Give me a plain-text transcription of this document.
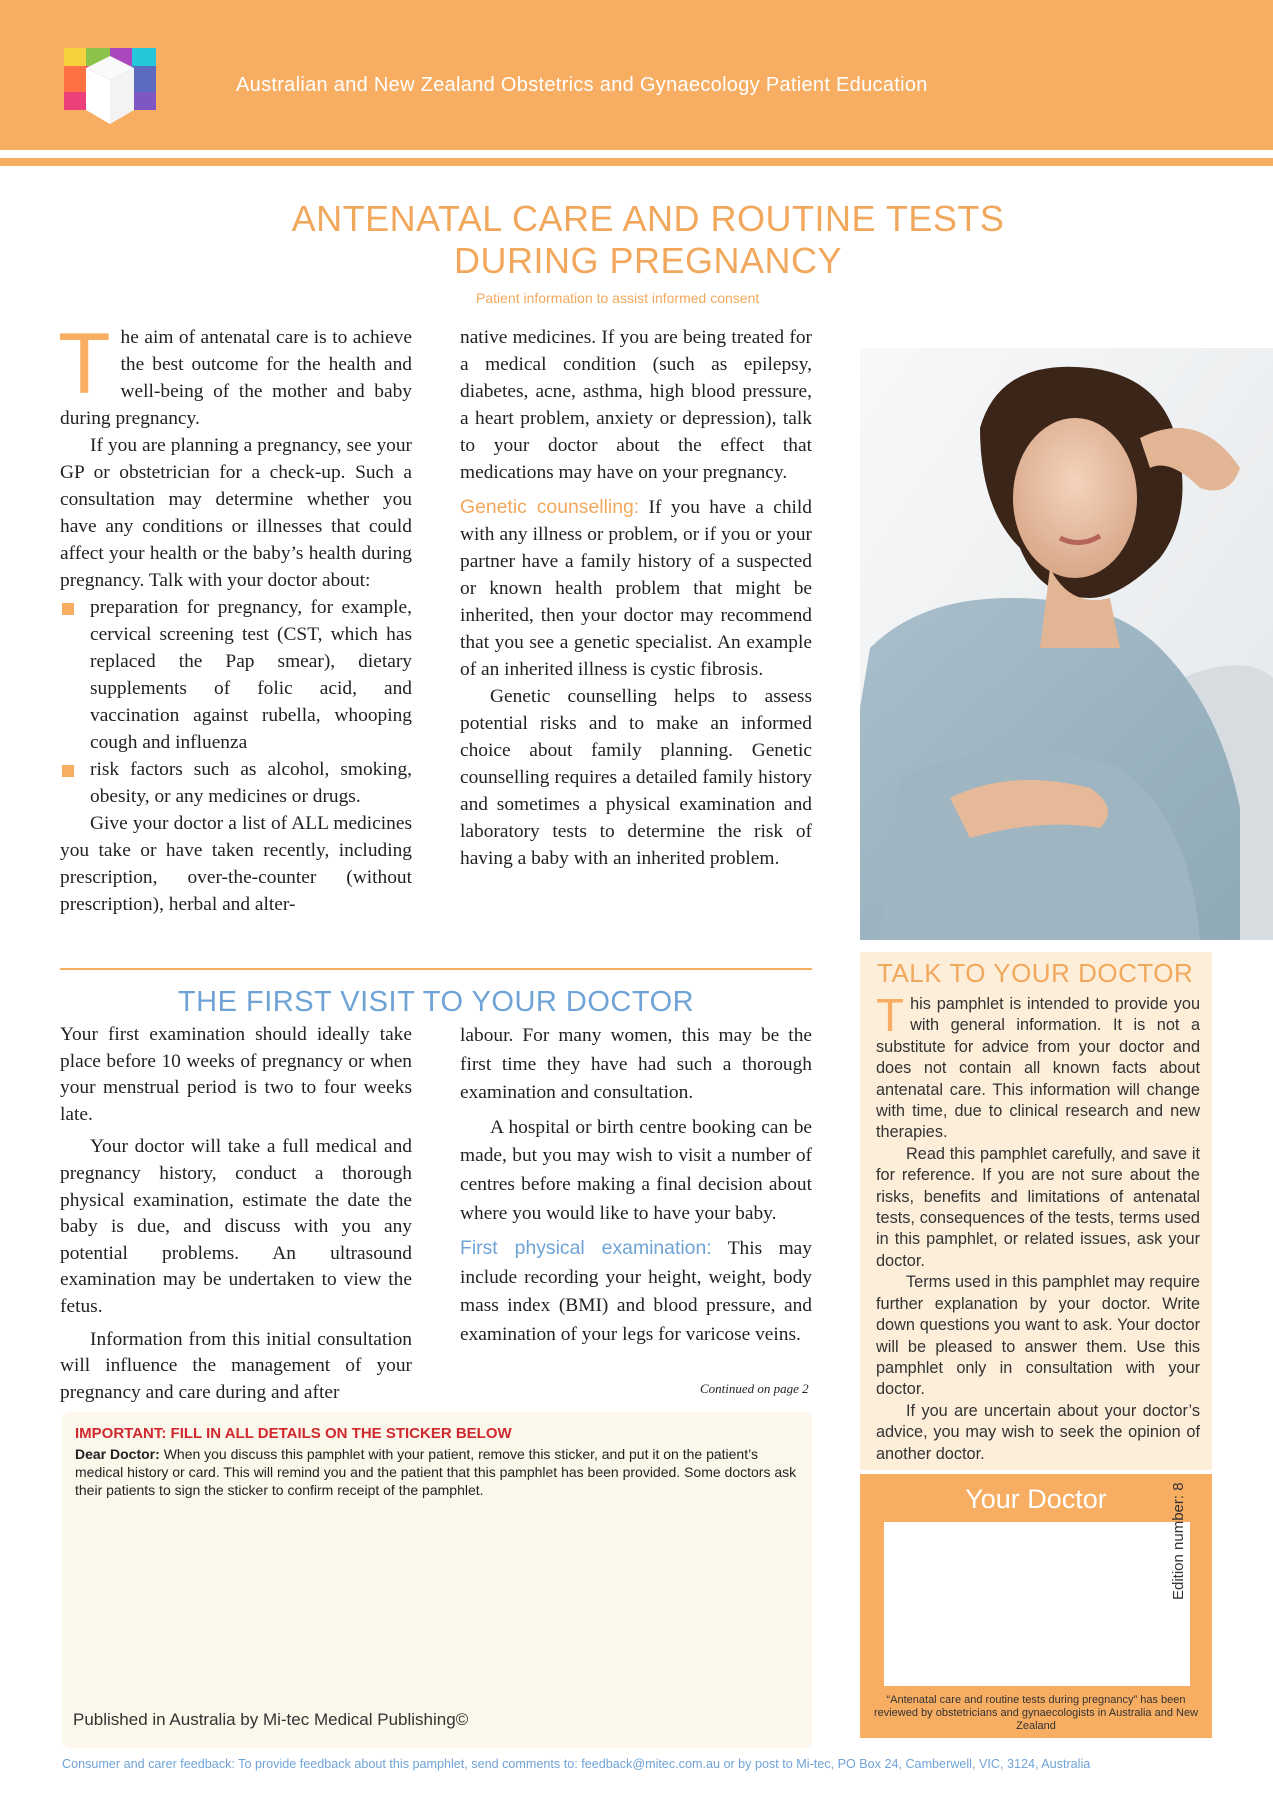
Australian and New Zealand Obstetrics and Gynaecology Patient Education
ANTENATAL CARE AND ROUTINE TESTS
DURING PREGNANCY
Patient information to assist informed consent

The aim of antenatal care is to achieve the best outcome for the health and well-being of the mother and baby during pregnancy.

If you are planning a pregnancy, see your GP or obstetrician for a check-up. Such a consultation may determine whether you have any conditions or illnesses that could affect your health or the baby’s health during pregnancy. Talk with your doctor about:

preparation for pregnancy, for example, cervical screening test (CST, which has replaced the Pap smear), dietary supplements of folic acid, and vaccination against rubella, whooping cough and influenza
risk factors such as alcohol, smoking, obesity, or any medicines or drugs.

Give your doctor a list of ALL medicines you take or have taken recently, including prescription, over-the-counter (without prescription), herbal and alter-

native medicines. If you are being treated for a medical condition (such as epilepsy, diabetes, acne, asthma, high blood pressure, a heart problem, anxiety or depression), talk to your doctor about the effect that medications may have on your pregnancy.

Genetic counselling: If you have a child with any illness or problem, or if you or your partner have a family history of a suspected or known health problem that might be inherited, then your doctor may recommend that you see a genetic specialist. An example of an inherited illness is cystic fibrosis.

Genetic counselling helps to assess potential risks and to make an informed choice about family planning. Genetic counselling requires a detailed family history and sometimes a physical examination and laboratory tests to determine the risk of having a baby with an inherited problem.

THE FIRST VISIT TO YOUR DOCTOR

Your first examination should ideally take place before 10 weeks of pregnancy or when your menstrual period is two to four weeks late.

Your doctor will take a full medical and pregnancy history, conduct a thorough physical examination, estimate the date the baby is due, and discuss with you any potential problems. An ultrasound examination may be undertaken to view the fetus.

Information from this initial consultation will influence the management of your pregnancy and care during and after

labour. For many women, this may be the first time they have had such a thorough examination and consultation.

A hospital or birth centre booking can be made, but you may wish to visit a number of centres before making a final decision about where you would like to have your baby.

First physical examination: This may include recording your height, weight, body mass index (BMI) and blood pressure, and examination of your legs for varicose veins.

Continued on page 2
TALK TO YOUR DOCTOR

This pamphlet is intended to provide you with general information. It is not a substitute for advice from your doctor and does not contain all known facts about antenatal care. This information will change with time, due to clinical research and new therapies.

Read this pamphlet carefully, and save it for reference. If you are not sure about the risks, benefits and limitations of antenatal tests, consequences of the tests, terms used in this pamphlet, or related issues, ask your doctor.

Terms used in this pamphlet may require further explanation by your doctor. Write down questions you want to ask. Your doctor will be pleased to answer them. Use this pamphlet only in consultation with your doctor.

If you are uncertain about your doctor’s advice, you may wish to seek the opinion of another doctor.

Your Doctor
“Antenatal care and routine tests during pregnancy” has been reviewed by obstetricians and gynaecologists in Australia and New Zealand
Edition number: 8
IMPORTANT: FILL IN ALL DETAILS ON THE STICKER BELOW
Dear Doctor: When you discuss this pamphlet with your patient, remove this sticker, and put it on the patient’s medical history or card. This will remind you and the patient that this pamphlet has been provided. Some doctors ask their patients to sign the sticker to confirm receipt of the pamphlet.
Published in Australia by Mi-tec Medical Publishing©
Consumer and carer feedback: To provide feedback about this pamphlet, send comments to: feedback@mitec.com.au or by post to Mi-tec, PO Box 24, Camberwell, VIC, 3124, Australia
